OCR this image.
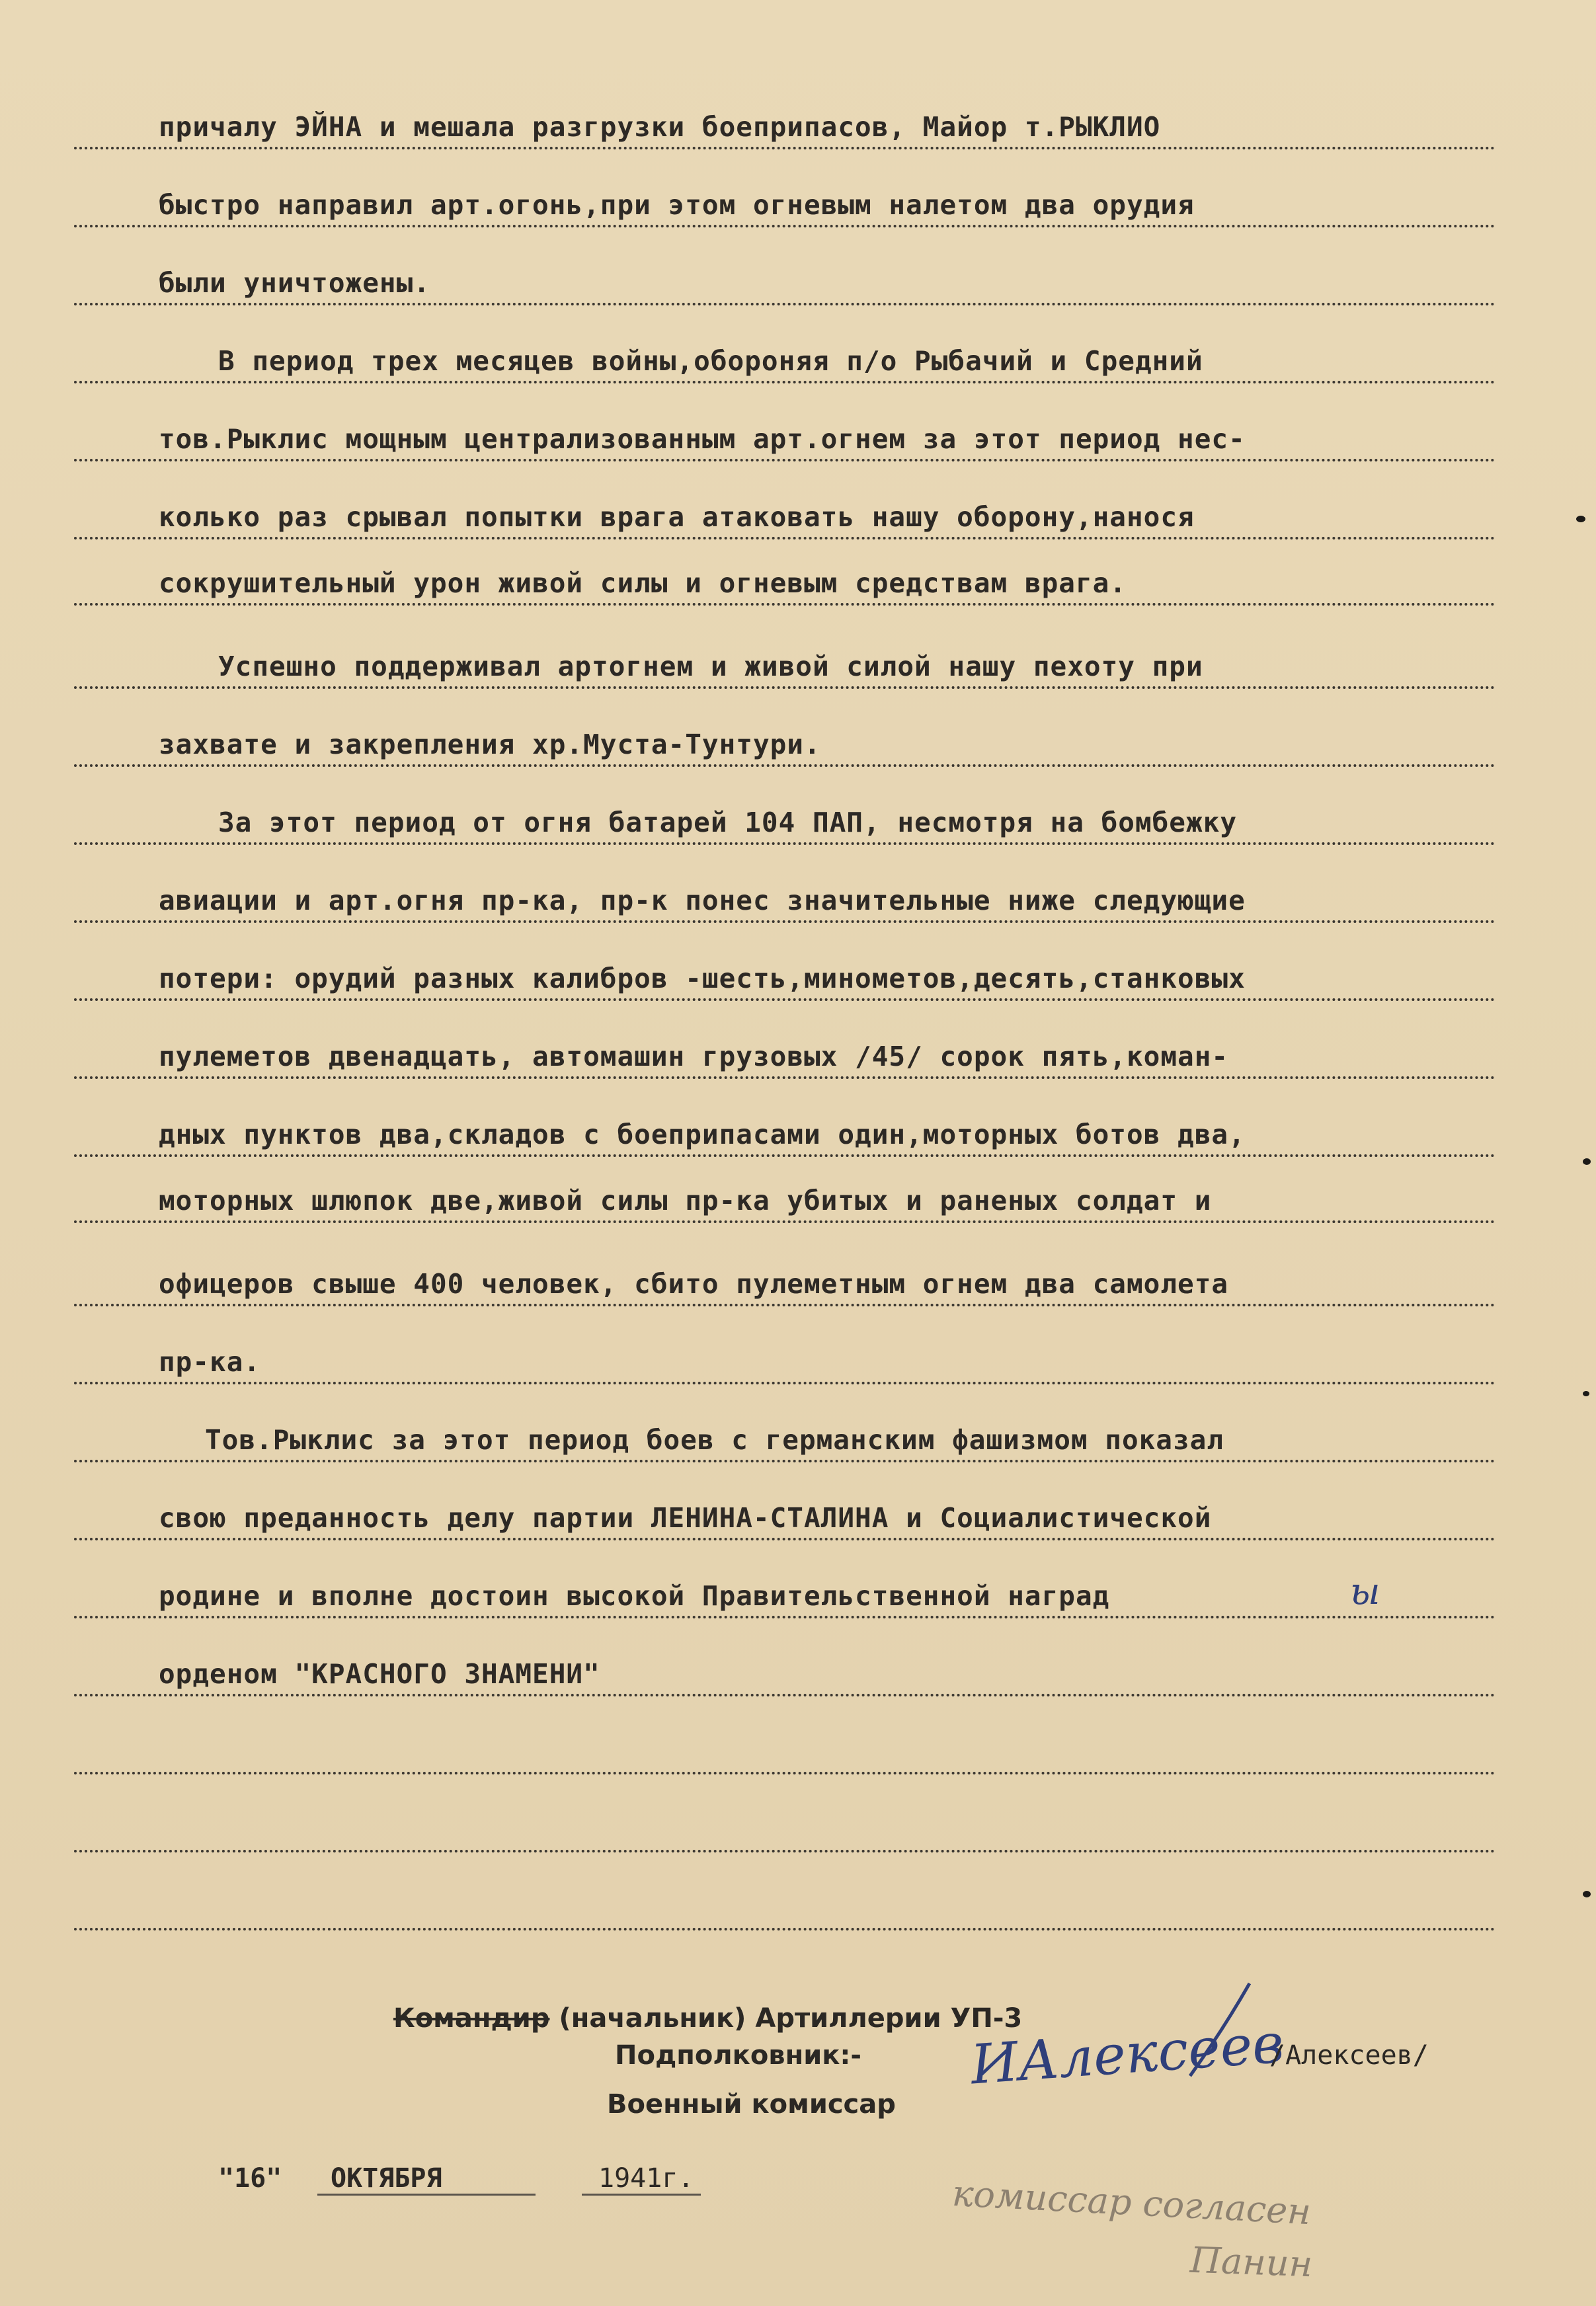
причалу ЭЙНА и мешала разгрузки боеприпасов, Майор т.РЫКЛИО
быстро направил арт.огонь,при этом огневым налетом два орудия
были уничтожены.
В период трех месяцев войны,обороняя п/о Рыбачий и Средний
тов.Рыклис мощным централизованным арт.огнем за этот период нес-
колько раз срывал попытки врага атаковать нашу оборону,нанося
сокрушительный урон живой силы и огневым средствам врага.
Успешно поддерживал артогнем и живой силой нашу пехоту при
захвате и закрепления хр.Муста-Тунтури.
За этот период от огня батарей 104 ПАП, несмотря на бомбежку
авиации и арт.огня пр-ка, пр-к понес значительные ниже следующие
потери: орудий разных калибров -шесть,минометов,десять,станковых
пулеметов двенадцать, автомашин грузовых /45/ сорок пять,коман-
дных пунктов два,складов с боеприпасами один,моторных ботов два,
моторных шлюпок две,живой силы пр-ка убитых и раненых солдат и
офицеров свыше 400 человек, сбито пулеметным огнем два самолета
пр-ка.
Тов.Рыклис за этот период боев с германским фашизмом показал
свою преданность делу партии ЛЕНИНА-СТАЛИНА и Социалистической
родине и вполне достоин высокой Правительственной наград	ы
орденом "КРАСНОГО ЗНАМЕНИ"
Командир (начальник) Артиллерии УП-3
Подполковник:- ИАлексеев
/Алексеев/
Военный комиссар
"16" ОКТЯБРЯ	1941г.	комиссар согласен
Панин
